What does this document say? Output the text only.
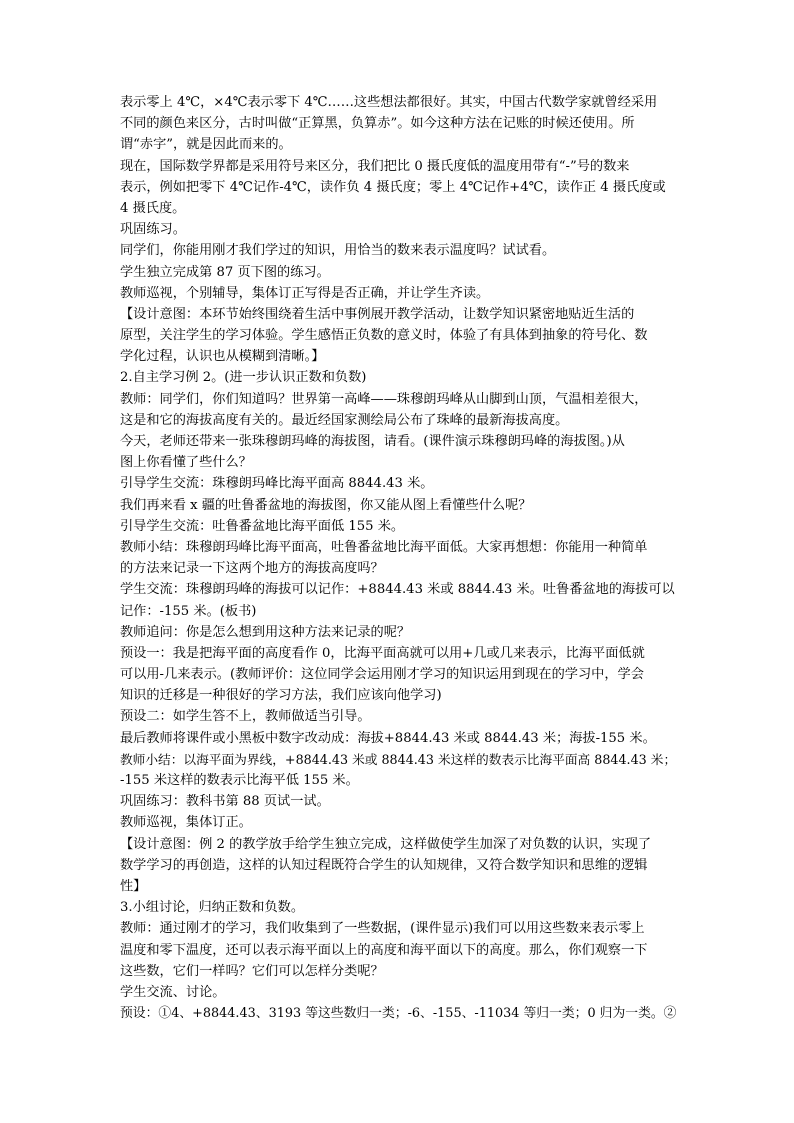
表示零上 4℃，×4℃表示零下 4℃……这些想法都很好。其实，中国古代数学家就曾经采用
不同的颜色来区分，古时叫做“正算黑，负算赤”。如今这种方法在记账的时候还使用。所
谓“赤字”，就是因此而来的。
现在，国际数学界都是采用符号来区分，我们把比 0 摄氏度低的温度用带有“-”号的数来
表示，例如把零下 4℃记作-4℃，读作负 4 摄氏度；零上 4℃记作+4℃，读作正 4 摄氏度或
4 摄氏度。
巩固练习。
同学们，你能用刚才我们学过的知识，用恰当的数来表示温度吗？试试看。
学生独立完成第 87 页下图的练习。
教师巡视，个别辅导，集体订正写得是否正确，并让学生齐读。
【设计意图：本环节始终围绕着生活中事例展开教学活动，让数学知识紧密地贴近生活的
原型，关注学生的学习体验。学生感悟正负数的意义时，体验了有具体到抽象的符号化、数
学化过程，认识也从模糊到清晰。】
2.自主学习例 2。(进一步认识正数和负数)
教师：同学们，你们知道吗？世界第一高峰——珠穆朗玛峰从山脚到山顶，气温相差很大，
这是和它的海拔高度有关的。最近经国家测绘局公布了珠峰的最新海拔高度。
今天，老师还带来一张珠穆朗玛峰的海拔图，请看。(课件演示珠穆朗玛峰的海拔图。)从
图上你看懂了些什么？
引导学生交流：珠穆朗玛峰比海平面高 8844.43 米。
我们再来看 x 疆的吐鲁番盆地的海拔图，你又能从图上看懂些什么呢？
引导学生交流：吐鲁番盆地比海平面低 155 米。
教师小结：珠穆朗玛峰比海平面高，吐鲁番盆地比海平面低。大家再想想：你能用一种简单
的方法来记录一下这两个地方的海拔高度吗？
学生交流：珠穆朗玛峰的海拔可以记作：+8844.43 米或 8844.43 米。吐鲁番盆地的海拔可以
记作：-155 米。(板书)
教师追问：你是怎么想到用这种方法来记录的呢？
预设一：我是把海平面的高度看作 0，比海平面高就可以用+几或几来表示，比海平面低就
可以用-几来表示。(教师评价：这位同学会运用刚才学习的知识运用到现在的学习中，学会
知识的迁移是一种很好的学习方法，我们应该向他学习)
预设二：如学生答不上，教师做适当引导。
最后教师将课件或小黑板中数字改动成：海拔+8844.43 米或 8844.43 米；海拔-155 米。
教师小结：以海平面为界线，+8844.43 米或 8844.43 米这样的数表示比海平面高 8844.43 米；
-155 米这样的数表示比海平低 155 米。
巩固练习：教科书第 88 页试一试。
教师巡视，集体订正。
【设计意图：例 2 的教学放手给学生独立完成，这样做使学生加深了对负数的认识，实现了
数学学习的再创造，这样的认知过程既符合学生的认知规律，又符合数学知识和思维的逻辑
性】
3.小组讨论，归纳正数和负数。
教师：通过刚才的学习，我们收集到了一些数据，(课件显示)我们可以用这些数来表示零上
温度和零下温度，还可以表示海平面以上的高度和海平面以下的高度。那么，你们观察一下
这些数，它们一样吗？它们可以怎样分类呢？
学生交流、讨论。
预设：①4、+8844.43、3193 等这些数归一类；-6、-155、-11034 等归一类；0 归为一类。②
